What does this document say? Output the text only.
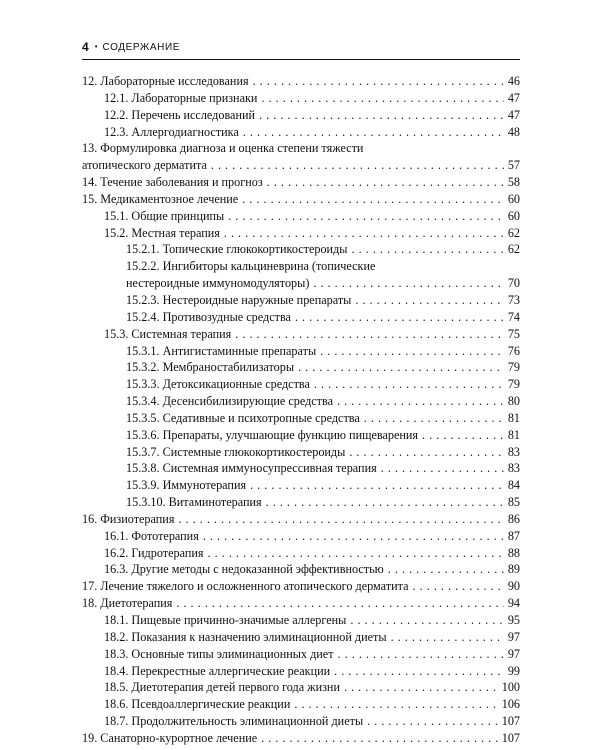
4 • СОДЕРЖАНИЕ
12. Лабораторные исследования . . .	46
12.1. Лабораторные признаки . . .	47
12.2. Перечень исследований . . .	47
12.3. Аллергодиагностика . . .	48
13. Формулировка диагноза и оценка степени тяжести
атопического дерматита . . .	57
14. Течение заболевания и прогноз . . .	58
15. Медикаментозное лечение . . .	60
15.1. Общие принципы . . .	60
15.2. Местная терапия . . .	62
15.2.1. Топические глюкокортикостероиды . . .	62
15.2.2. Ингибиторы кальциневрина (топические
нестероидные иммуномодуляторы) . . .	70
15.2.3. Нестероидные наружные препараты . . .	73
15.2.4. Противозудные средства . . .	74
15.3. Системная терапия . . .	75
15.3.1. Антигистаминные препараты . . .	76
15.3.2. Мембраностабилизаторы . . .	79
15.3.3. Детоксикационные средства . . .	79
15.3.4. Десенсибилизирующие средства . . .	80
15.3.5. Седативные и психотропные средства . . .	81
15.3.6. Препараты, улучшающие функцию пищеварения . . .	81
15.3.7. Системные глюкокортикостероиды . . .	83
15.3.8. Системная иммуносупрессивная терапия . . .	83
15.3.9. Иммунотерапия . . .	84
15.3.10. Витаминотерапия . . .	85
16. Физиотерапия . . .	86
16.1. Фототерапия . . .	87
16.2. Гидротерапия . . .	88
16.3. Другие методы с недоказанной эффективностью . . .	89
17. Лечение тяжелого и осложненного атопического дерматита . . .	90
18. Диетотерапия . . .	94
18.1. Пищевые причинно-значимые аллергены . . .	95
18.2. Показания к назначению элиминационной диеты . . .	97
18.3. Основные типы элиминационных диет . . .	97
18.4. Перекрестные аллергические реакции . . .	99
18.5. Диетотерапия детей первого года жизни . . .	100
18.6. Псевдоаллергические реакции . . .	106
18.7. Продолжительность элиминационной диеты . . .	107
19. Санаторно-курортное лечение . . .	107
